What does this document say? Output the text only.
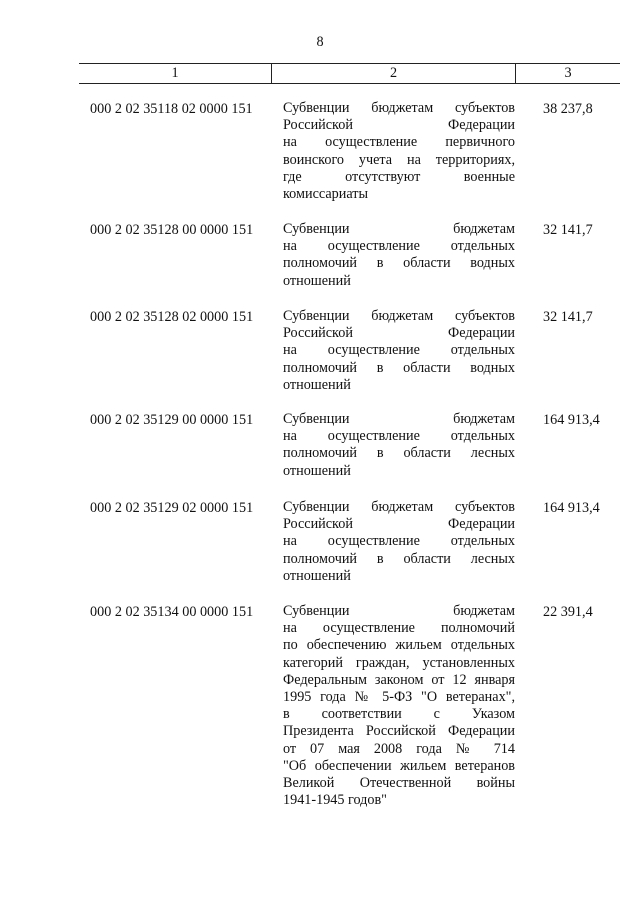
8
1	2	3
000 2 02 35118 02 0000 151 Субвенции бюджетам субъектов
Российской Федерации
на осуществление первичного
воинского учета на территориях,
где отсутствуют военные
комиссариаты
38 237,8
000 2 02 35128 00 0000 151 Субвенции бюджетам
на осуществление отдельных
полномочий в области водных
отношений
32 141,7
000 2 02 35128 02 0000 151 Субвенции бюджетам субъектов
Российской Федерации
на осуществление отдельных
полномочий в области водных
отношений
32 141,7
000 2 02 35129 00 0000 151 Субвенции бюджетам
на осуществление отдельных
полномочий в области лесных
отношений
164 913,4
000 2 02 35129 02 0000 151 Субвенции бюджетам субъектов
Российской Федерации
на осуществление отдельных
полномочий в области лесных
отношений
164 913,4
000 2 02 35134 00 0000 151 Субвенции бюджетам
на осуществление полномочий
по обеспечению жильем отдельных
категорий граждан, установленных
Федеральным законом от 12 января
1995 года № 5-ФЗ "О ветеранах",
в соответствии с Указом
Президента Российской Федерации
от 07 мая 2008 года № 714
"Об обеспечении жильем ветеранов
Великой Отечественной войны
1941-1945 годов"
22 391,4
